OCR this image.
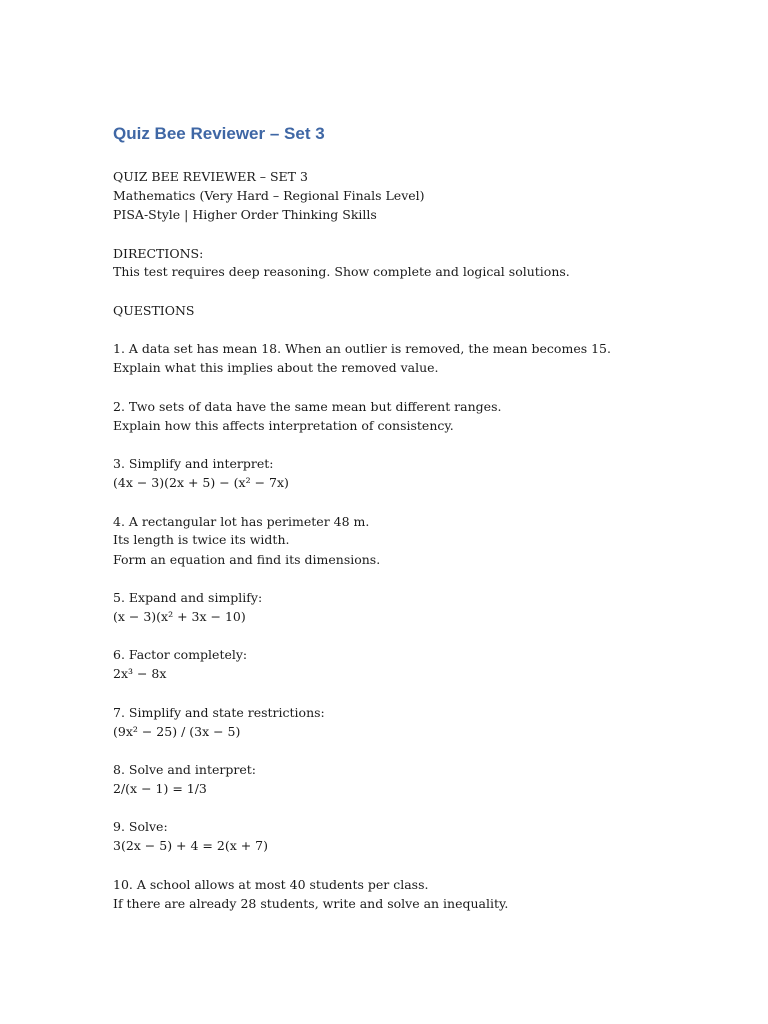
Quiz Bee Reviewer – Set 3
QUIZ BEE REVIEWER – SET 3
Mathematics (Very Hard – Regional Finals Level)
PISA-Style | Higher Order Thinking Skills
DIRECTIONS:
This test requires deep reasoning. Show complete and logical solutions.
QUESTIONS
1. A data set has mean 18. When an outlier is removed, the mean becomes 15.
Explain what this implies about the removed value.
2. Two sets of data have the same mean but different ranges.
Explain how this affects interpretation of consistency.
3. Simplify and interpret:
(4x − 3)(2x + 5) − (x² − 7x)
4. A rectangular lot has perimeter 48 m.
Its length is twice its width.
Form an equation and find its dimensions.
5. Expand and simplify:
(x − 3)(x² + 3x − 10)
6. Factor completely:
2x³ − 8x
7. Simplify and state restrictions:
(9x² − 25) / (3x − 5)
8. Solve and interpret:
2/(x − 1) = 1/3
9. Solve:
3(2x − 5) + 4 = 2(x + 7)
10. A school allows at most 40 students per class.
If there are already 28 students, write and solve an inequality.
